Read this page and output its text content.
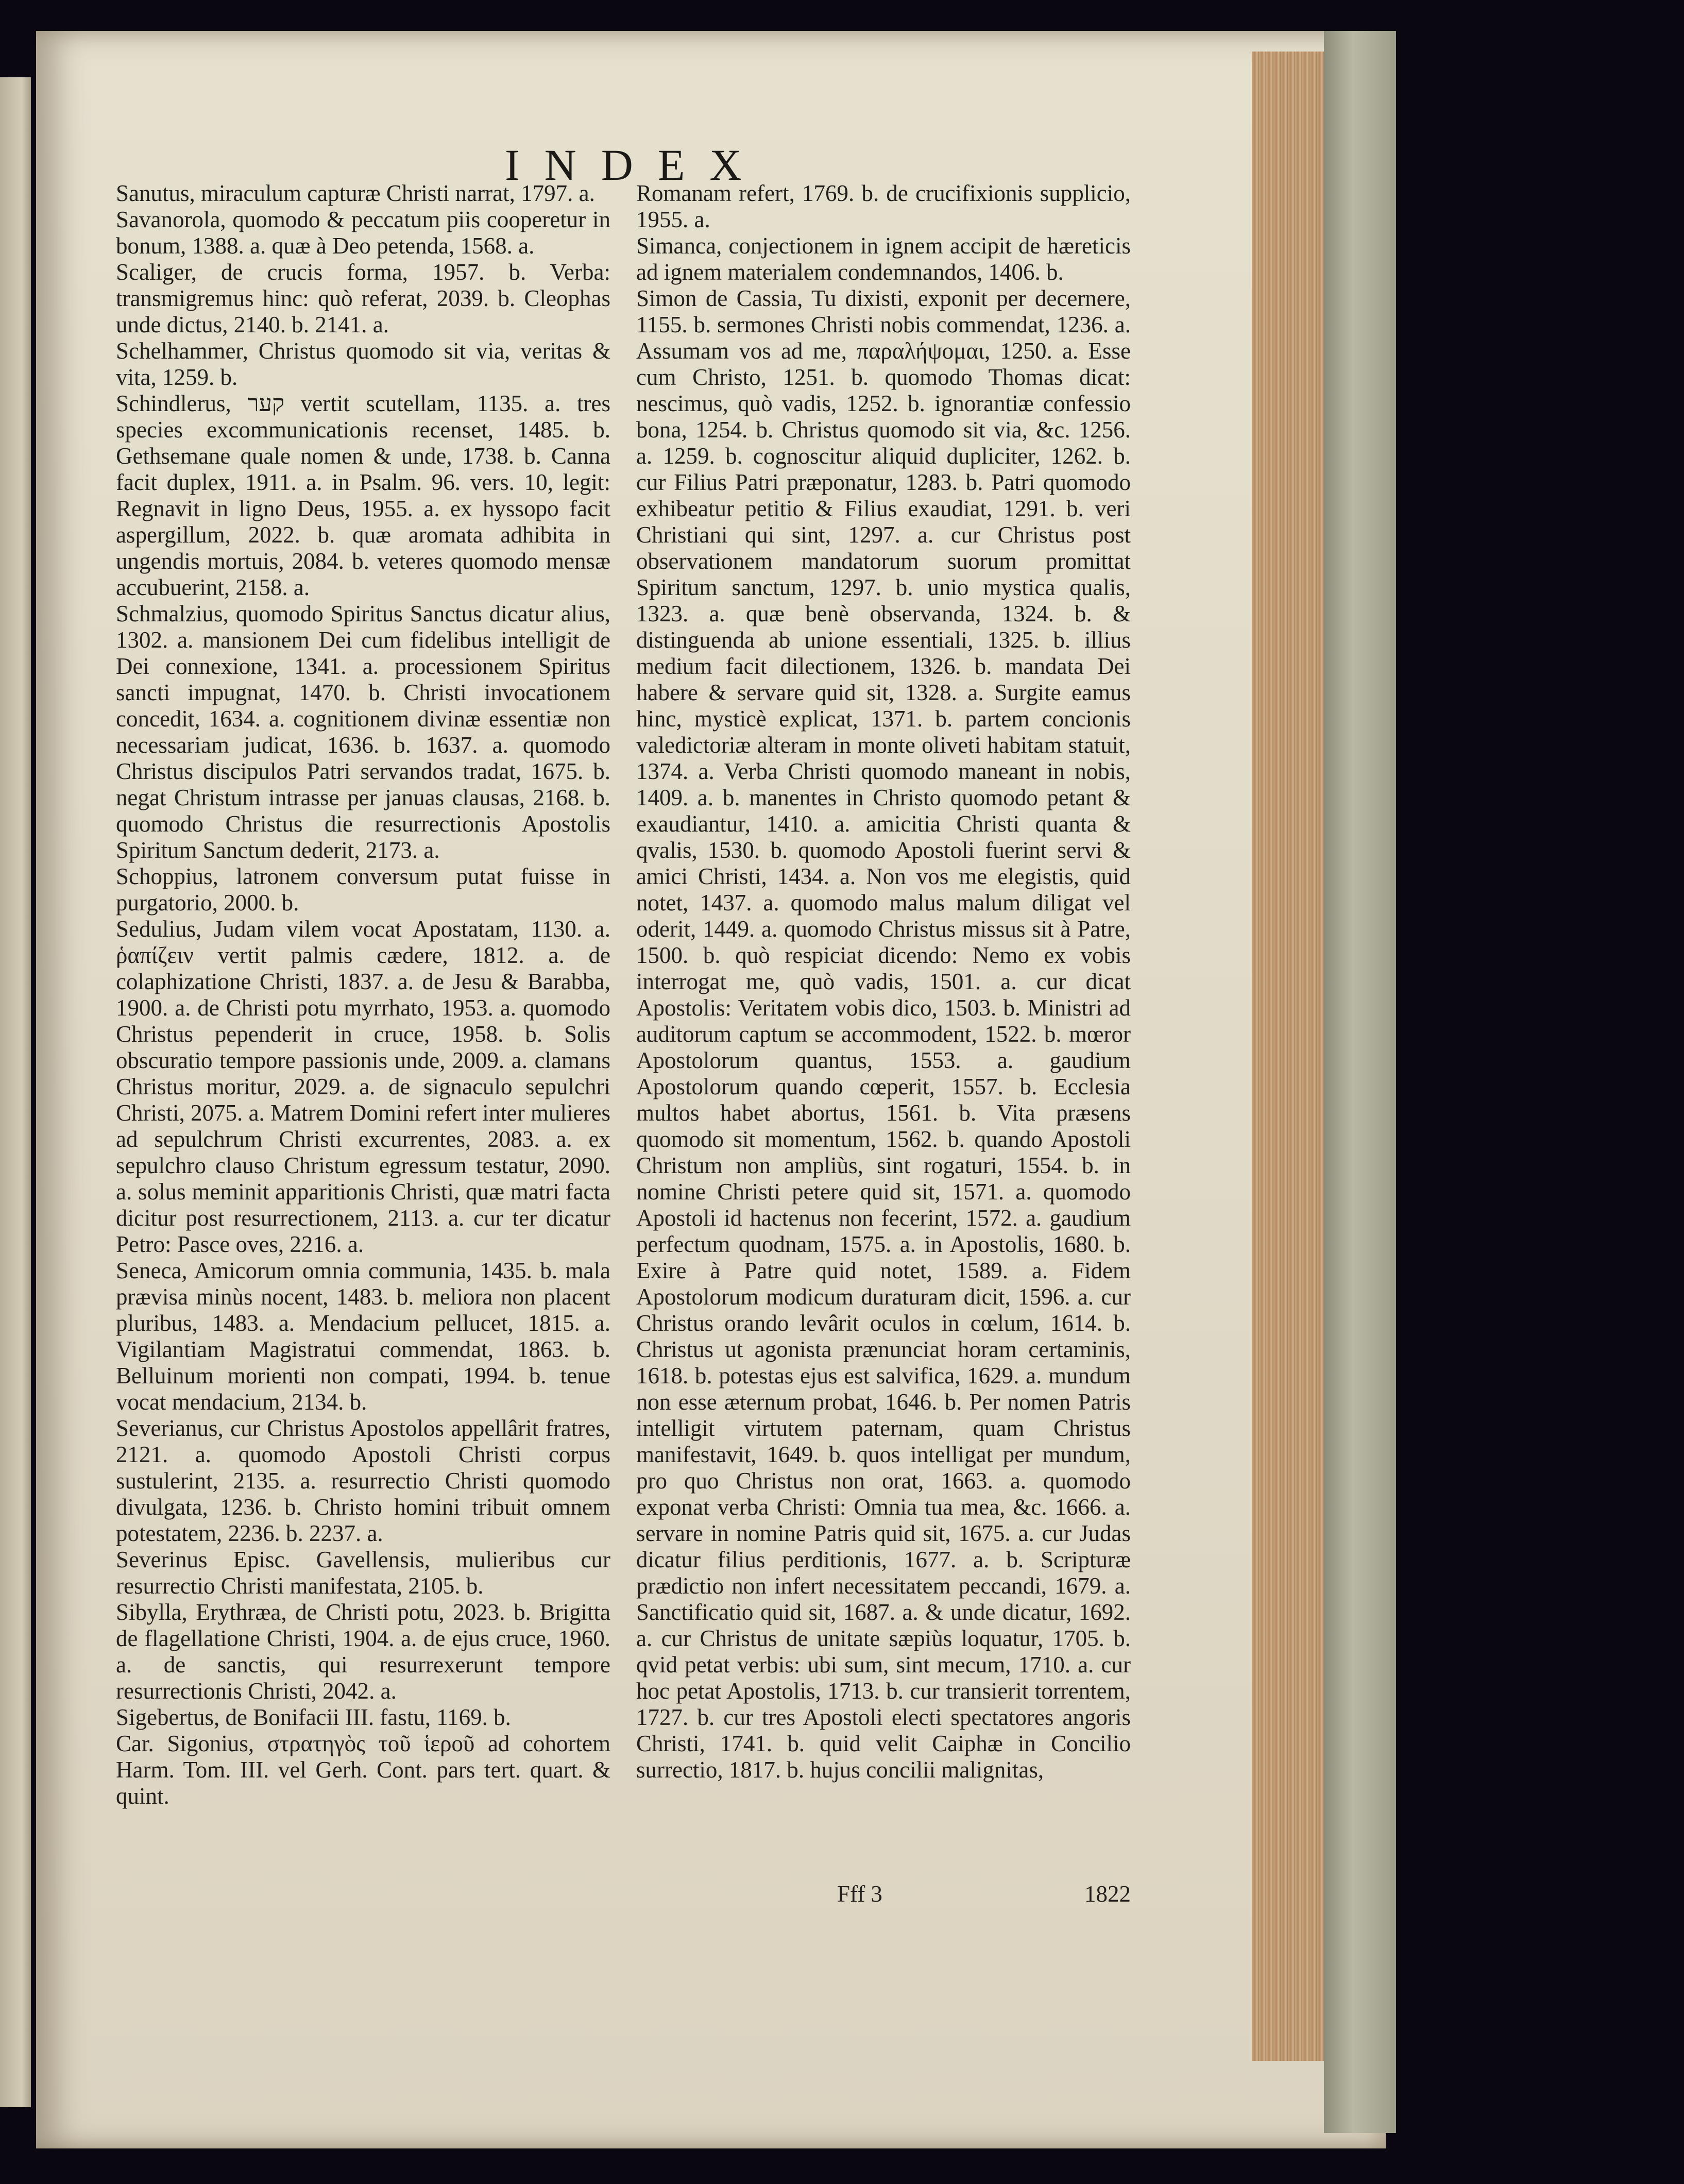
INDEX

Sanutus, miraculum capturæ Christi narrat, 1797. a.

Savanorola, quomodo & peccatum piis cooperetur in bonum, 1388. a. quæ à Deo petenda, 1568. a.

Scaliger, de crucis forma, 1957. b. Verba: transmigremus hinc: quò referat, 2039. b. Cleophas unde dictus, 2140. b. 2141. a.

Schelhammer, Christus quomodo sit via, veritas & vita, 1259. b.

Schindlerus, קער vertit scutellam, 1135. a. tres species excommunicationis recenset, 1485. b. Gethsemane quale nomen & unde, 1738. b. Canna facit duplex, 1911. a. in Psalm. 96. vers. 10, legit: Regnavit in ligno Deus, 1955. a. ex hyssopo facit aspergillum, 2022. b. quæ aromata adhibita in ungendis mortuis, 2084. b. veteres quomodo mensæ accubuerint, 2158. a.

Schmalzius, quomodo Spiritus Sanctus dicatur alius, 1302. a. mansionem Dei cum fidelibus intelligit de Dei connexione, 1341. a. processionem Spiritus sancti impugnat, 1470. b. Christi invocationem concedit, 1634. a. cognitionem divinæ essentiæ non necessariam judicat, 1636. b. 1637. a. quomodo Christus discipulos Patri servandos tradat, 1675. b. negat Christum intrasse per januas clausas, 2168. b. quomodo Christus die resurrectionis Apostolis Spiritum Sanctum dederit, 2173. a.

Schoppius, latronem conversum putat fuisse in purgatorio, 2000. b.

Sedulius, Judam vilem vocat Apostatam, 1130. a. ῥαπίζειν vertit palmis cædere, 1812. a. de colaphizatione Christi, 1837. a. de Jesu & Barabba, 1900. a. de Christi potu myrrhato, 1953. a. quomodo Christus pependerit in cruce, 1958. b. Solis obscuratio tempore passionis unde, 2009. a. clamans Christus moritur, 2029. a. de signaculo sepulchri Christi, 2075. a. Matrem Domini refert inter mulieres ad sepulchrum Christi excurrentes, 2083. a. ex sepulchro clauso Christum egressum testatur, 2090. a. solus meminit apparitionis Christi, quæ matri facta dicitur post resurrectionem, 2113. a. cur ter dicatur Petro: Pasce oves, 2216. a.

Seneca, Amicorum omnia communia, 1435. b. mala prævisa minùs nocent, 1483. b. meliora non placent pluribus, 1483. a. Mendacium pellucet, 1815. a. Vigilantiam Magistratui commendat, 1863. b. Belluinum morienti non compati, 1994. b. tenue vocat mendacium, 2134. b.

Severianus, cur Christus Apostolos appellârit fratres, 2121. a. quomodo Apostoli Christi corpus sustulerint, 2135. a. resurrectio Christi quomodo divulgata, 1236. b. Christo homini tribuit omnem potestatem, 2236. b. 2237. a.

Severinus Episc. Gavellensis, mulieribus cur resurrectio Christi manifestata, 2105. b.

Sibylla, Erythræa, de Christi potu, 2023. b. Brigitta de flagellatione Christi, 1904. a. de ejus cruce, 1960. a. de sanctis, qui resurrexerunt tempore resurrectionis Christi, 2042. a.

Sigebertus, de Bonifacii III. fastu, 1169. b.

Car. Sigonius, στρατηγὸς τοῦ ἱεροῦ ad cohortem Harm. Tom. III. vel Gerh. Cont. pars tert. quart. & quint.

Romanam refert, 1769. b. de crucifixionis supplicio, 1955. a.

Simanca, conjectionem in ignem accipit de hæreticis ad ignem materialem condemnandos, 1406. b.

Simon de Cassia, Tu dixisti, exponit per decernere, 1155. b. sermones Christi nobis commendat, 1236. a. Assumam vos ad me, παραλήψομαι, 1250. a. Esse cum Christo, 1251. b. quomodo Thomas dicat: nescimus, quò vadis, 1252. b. ignorantiæ confessio bona, 1254. b. Christus quomodo sit via, &c. 1256. a. 1259. b. cognoscitur aliquid dupliciter, 1262. b. cur Filius Patri præponatur, 1283. b. Patri quomodo exhibeatur petitio & Filius exaudiat, 1291. b. veri Christiani qui sint, 1297. a. cur Christus post observationem mandatorum suorum promittat Spiritum sanctum, 1297. b. unio mystica qualis, 1323. a. quæ benè observanda, 1324. b. & distinguenda ab unione essentiali, 1325. b. illius medium facit dilectionem, 1326. b. mandata Dei habere & servare quid sit, 1328. a. Surgite eamus hinc, mysticè explicat, 1371. b. partem concionis valedictoriæ alteram in monte oliveti habitam statuit, 1374. a. Verba Christi quomodo maneant in nobis, 1409. a. b. manentes in Christo quomodo petant & exaudiantur, 1410. a. amicitia Christi quanta & qvalis, 1530. b. quomodo Apostoli fuerint servi & amici Christi, 1434. a. Non vos me elegistis, quid notet, 1437. a. quomodo malus malum diligat vel oderit, 1449. a. quomodo Christus missus sit à Patre, 1500. b. quò respiciat dicendo: Nemo ex vobis interrogat me, quò vadis, 1501. a. cur dicat Apostolis: Veritatem vobis dico, 1503. b. Ministri ad auditorum captum se accommodent, 1522. b. mœror Apostolorum quantus, 1553. a. gaudium Apostolorum quando cœperit, 1557. b. Ecclesia multos habet abortus, 1561. b. Vita præsens quomodo sit momentum, 1562. b. quando Apostoli Christum non ampliùs, sint rogaturi, 1554. b. in nomine Christi petere quid sit, 1571. a. quomodo Apostoli id hactenus non fecerint, 1572. a. gaudium perfectum quodnam, 1575. a. in Apostolis, 1680. b. Exire à Patre quid notet, 1589. a. Fidem Apostolorum modicum duraturam dicit, 1596. a. cur Christus orando levârit oculos in cœlum, 1614. b. Christus ut agonista prænunciat horam certaminis, 1618. b. potestas ejus est salvifica, 1629. a. mundum non esse æternum probat, 1646. b. Per nomen Patris intelligit virtutem paternam, quam Christus manifestavit, 1649. b. quos intelligat per mundum, pro quo Christus non orat, 1663. a. quomodo exponat verba Christi: Omnia tua mea, &c. 1666. a. servare in nomine Patris quid sit, 1675. a. cur Judas dicatur filius perditionis, 1677. a. b. Scripturæ prædictio non infert necessitatem peccandi, 1679. a. Sanctificatio quid sit, 1687. a. & unde dicatur, 1692. a. cur Christus de unitate sæpiùs loquatur, 1705. b. qvid petat verbis: ubi sum, sint mecum, 1710. a. cur hoc petat Apostolis, 1713. b. cur transierit torrentem, 1727. b. cur tres Apostoli electi spectatores angoris Christi, 1741. b. quid velit Caiphæ in Concilio surrectio, 1817. b. hujus concilii malignitas,

Fff 3	1822
